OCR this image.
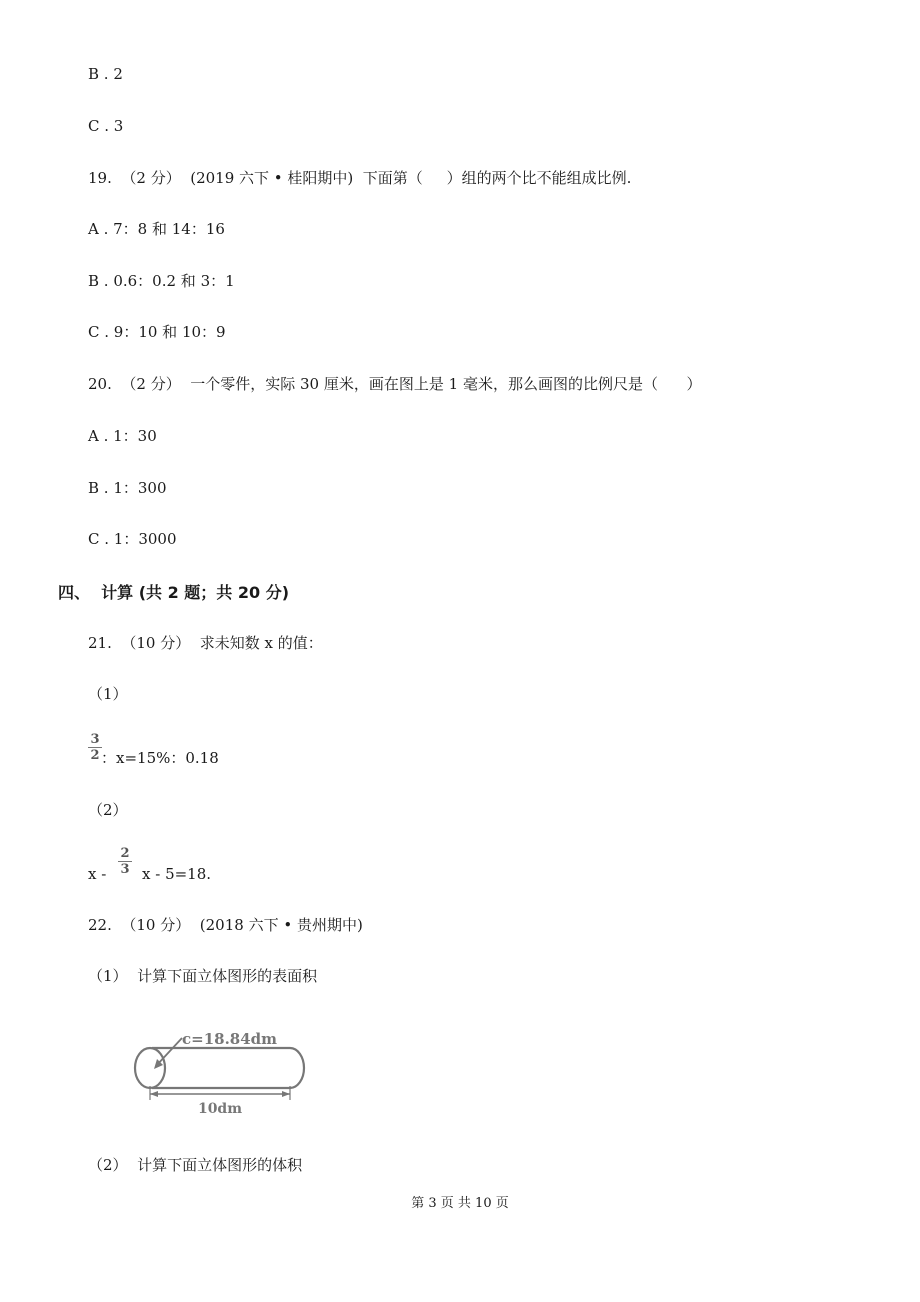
B . 2
C . 3
19.  （2 分）  (2019 六下 • 桂阳期中)  下面第（     ）组的两个比不能组成比例.
A . 7：8 和 14：16
B . 0.6：0.2 和 3：1
C . 9：10 和 10：9
20.  （2 分）  一个零件，实际 30 厘米，画在图上是 1 毫米，那么画图的比例尺是（      ）
A . 1：30
B . 1：300
C . 1：3000
四、  计算 (共 2 题；共 20 分)
21.  （10 分）  求未知数 x 的值：
（1）
3
2 ：x=15%：0.18
（2）
x -
2
3 x - 5=18.
22.  （10 分）  (2018 六下 • 贵州期中)
（1）  计算下面立体图形的表面积
c=18.84dm
10dm
（2）  计算下面立体图形的体积
第 3 页 共 10 页
